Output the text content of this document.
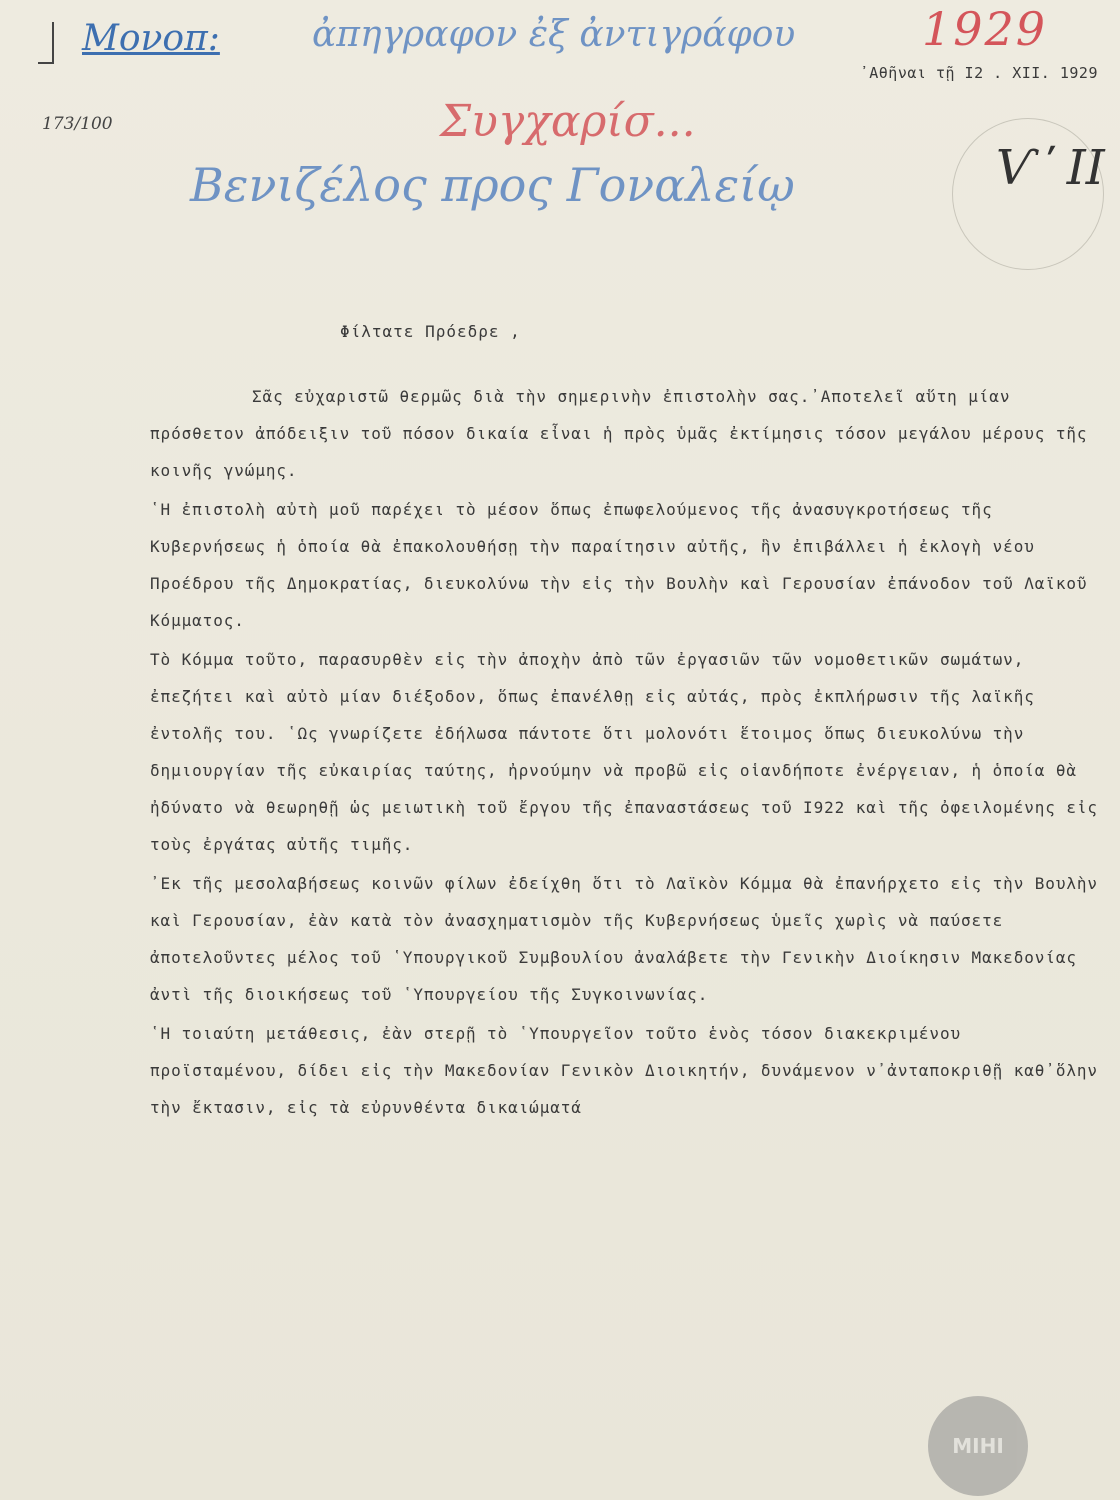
Μονοπ:	ἀπηγραφον ἐξ ἀντιγράφου	1929
᾿Αθῆναι τῇ Ι2 . XII. 1929
Συγχαρίσ...
173/100
Βενιζέλος προς Γοναλείῳ	Ѵ ̕ II
Φίλτατε Πρόεδρε ,

Σᾶς εὐχαριστῶ θερμῶς διὰ τὴν σημερινὴν ἐπιστολὴν σας.᾿Αποτελεῖ αὕτη μίαν πρόσθετον ἀπόδειξιν τοῦ πόσον δικαία εἶναι ἡ πρὸς ὑμᾶς ἐκτίμησις τόσον μεγάλου μέρους τῆς κοινῆς γνώμης.

῾Η ἐπιστολὴ αὐτὴ μοῦ παρέχει τὸ μέσον ὅπως ἐπωφελούμενος τῆς ἀνασυγκροτήσεως τῆς Κυβερνήσεως ἡ ὁποία θὰ ἐπακολουθήσῃ τὴν παραίτησιν αὐτῆς, ἣν ἐπιβάλλει ἡ ἐκλογὴ νέου Προέδρου τῆς Δημοκρατίας, διευκολύνω τὴν εἰς τὴν Βουλὴν καὶ Γερουσίαν ἐπάνοδον τοῦ Λαϊκοῦ Κόμματος.

Τὸ Κόμμα τοῦτο, παρασυρθὲν εἰς τὴν ἀποχὴν ἀπὸ τῶν ἐργασιῶν τῶν νομοθετικῶν σωμάτων, ἐπεζήτει καὶ αὐτὸ μίαν διέξοδον, ὅπως ἐπανέλθῃ εἰς αὐτάς, πρὸς ἐκπλήρωσιν τῆς λαϊκῆς ἐντολῆς του. ῾Ως γνωρίζετε ἐδήλωσα πάντοτε ὅτι μολονότι ἕτοιμος ὅπως διευκολύνω τὴν δημιουργίαν τῆς εὐκαιρίας ταύτης, ἠρνούμην νὰ προβῶ εἰς οἱανδήποτε ἐνέργειαν, ἡ ὁποία θὰ ἠδύνατο νὰ θεωρηθῇ ὡς μειωτικὴ τοῦ ἔργου τῆς ἐπαναστάσεως τοῦ Ι922 καὶ τῆς ὀφειλομένης εἰς τοὺς ἐργάτας αὐτῆς τιμῆς.

᾿Εκ τῆς μεσολαβήσεως κοινῶν φίλων ἐδείχθη ὅτι τὸ Λαϊκὸν Κόμμα θὰ ἐπανήρχετο εἰς τὴν Βουλὴν καὶ Γερουσίαν, ἐὰν κατὰ τὸν ἀνασχηματισμὸν τῆς Κυβερνήσεως ὑμεῖς χωρὶς νὰ παύσετε ἀποτελοῦντες μέλος τοῦ ῾Υπουργικοῦ Συμβουλίου ἀναλάβετε τὴν Γενικὴν Διοίκησιν Μακεδονίας ἀντὶ τῆς διοικήσεως τοῦ ῾Υπουργείου τῆς Συγκοινωνίας.

῾Η τοιαύτη μετάθεσις, ἐὰν στερῇ τὸ ῾Υπουργεῖον τοῦτο ἑνὸς τόσον διακεκριμένου προϊσταμένου, δίδει εἰς τὴν Μακεδονίαν Γενικὸν Διοικητήν, δυνάμενον ν᾿ἀνταποκριθῇ καθ᾿ὅλην τὴν ἔκτασιν, εἰς τὰ εὐρυνθέντα δικαιώματά

ΜΙΗΙ
